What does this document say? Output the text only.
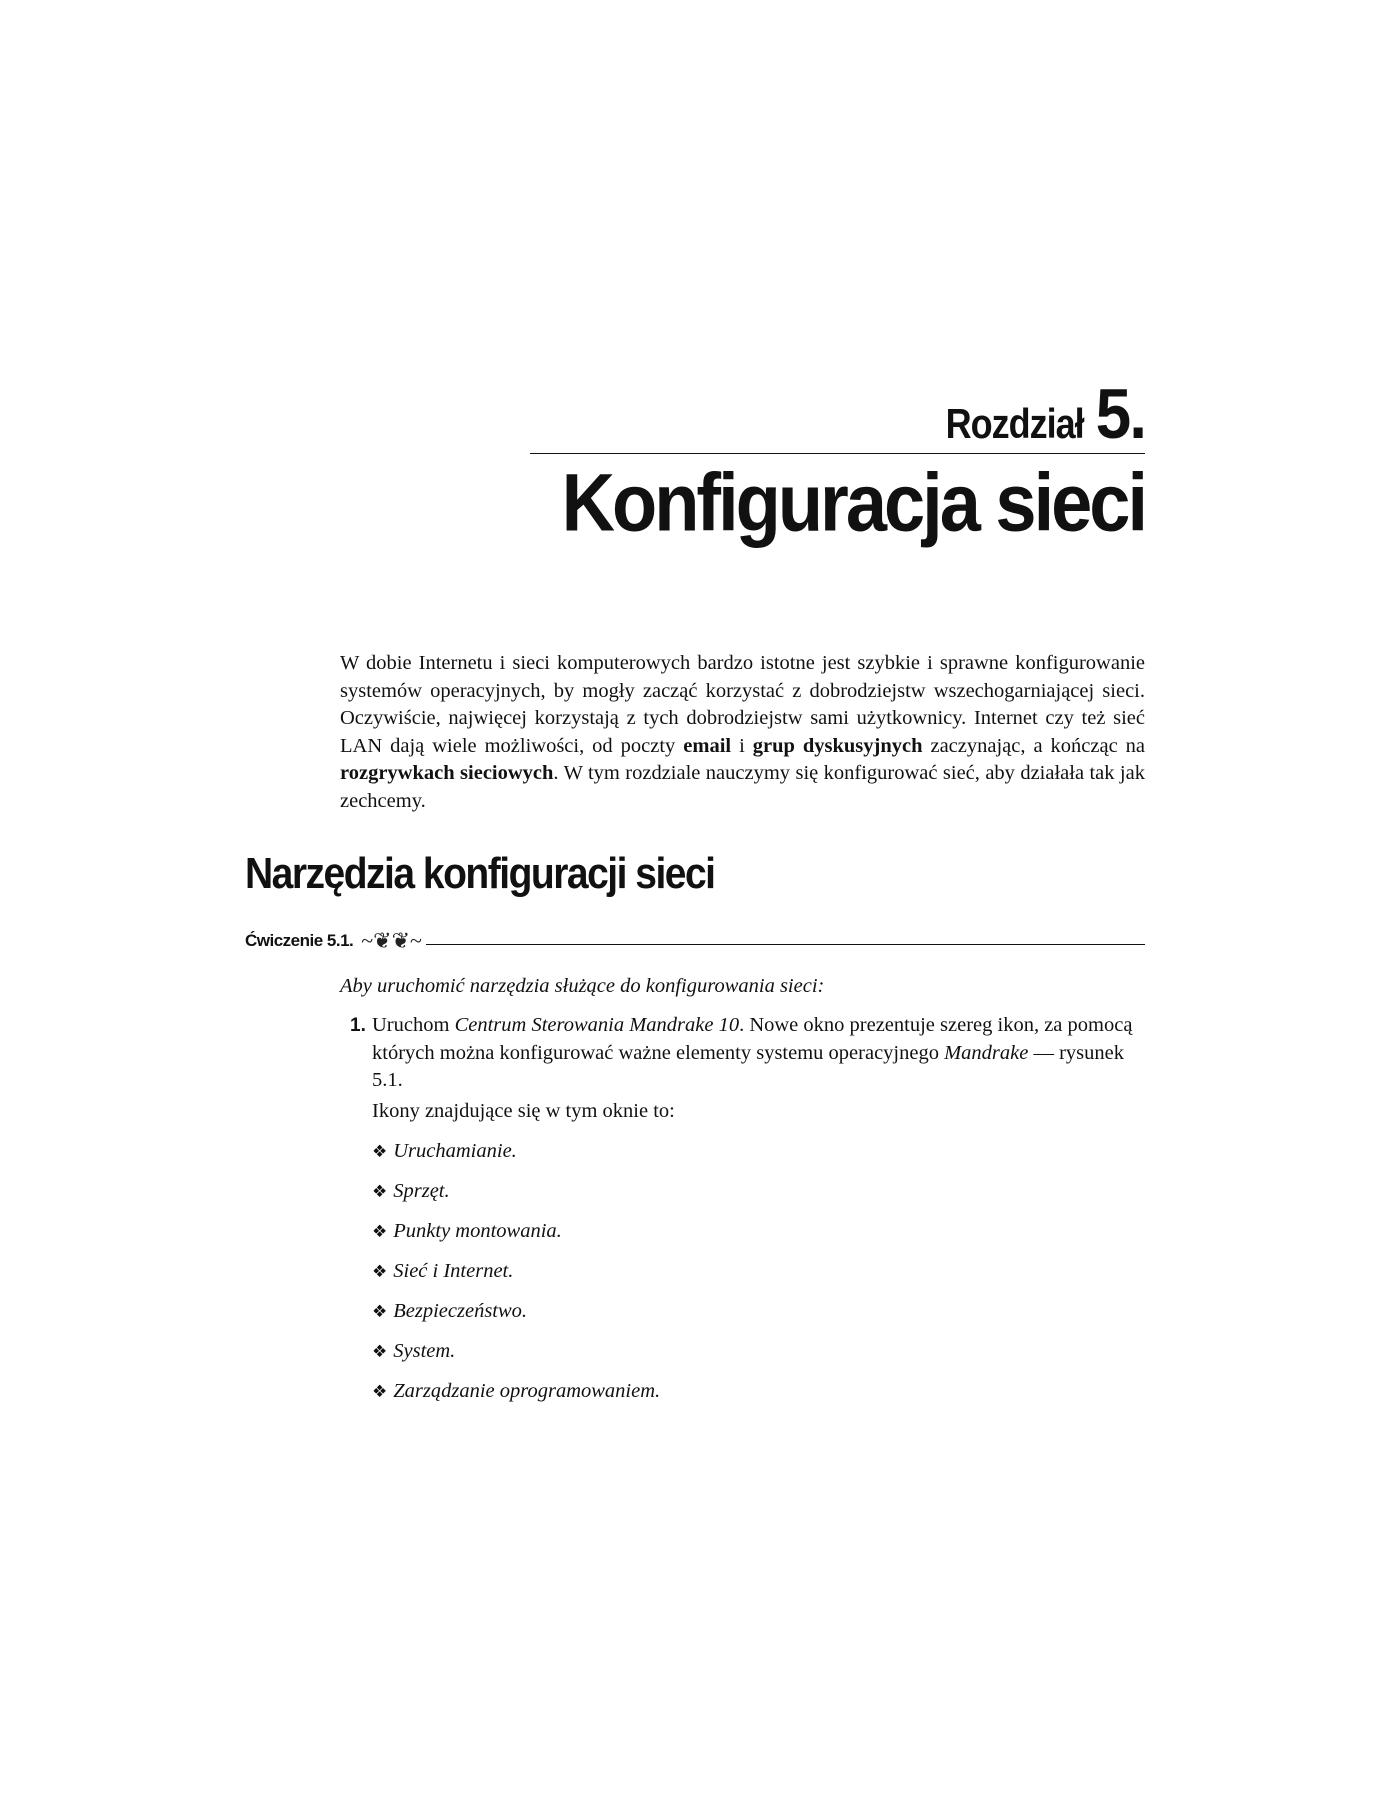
Rozdział 5.
Konfiguracja sieci

W dobie Internetu i sieci komputerowych bardzo istotne jest szybkie i sprawne konfigurowanie systemów operacyjnych, by mogły zacząć korzystać z dobrodziejstw wszechogarniającej sieci. Oczywiście, najwięcej korzystają z tych dobrodziejstw sami użytkownicy. Internet czy też sieć LAN dają wiele możliwości, od poczty email i grup dyskusyjnych zaczynając, a kończąc na rozgrywkach sieciowych. W tym rozdziale nauczymy się konfigurować sieć, aby działała tak jak zechcemy.

Narzędzia konfiguracji sieci
Ćwiczenie 5.1. ~❦❦~

Aby uruchomić narzędzia służące do konfigurowania sieci:

1. Uruchom Centrum Sterowania Mandrake 10. Nowe okno prezentuje szereg ikon, za pomocą których można konfigurować ważne elementy systemu operacyjnego Mandrake — rysunek 5.1.

Ikony znajdujące się w tym oknie to:

❖ Uruchamianie.
❖ Sprzęt.
❖ Punkty montowania.
❖ Sieć i Internet.
❖ Bezpieczeństwo.
❖ System.
❖ Zarządzanie oprogramowaniem.
